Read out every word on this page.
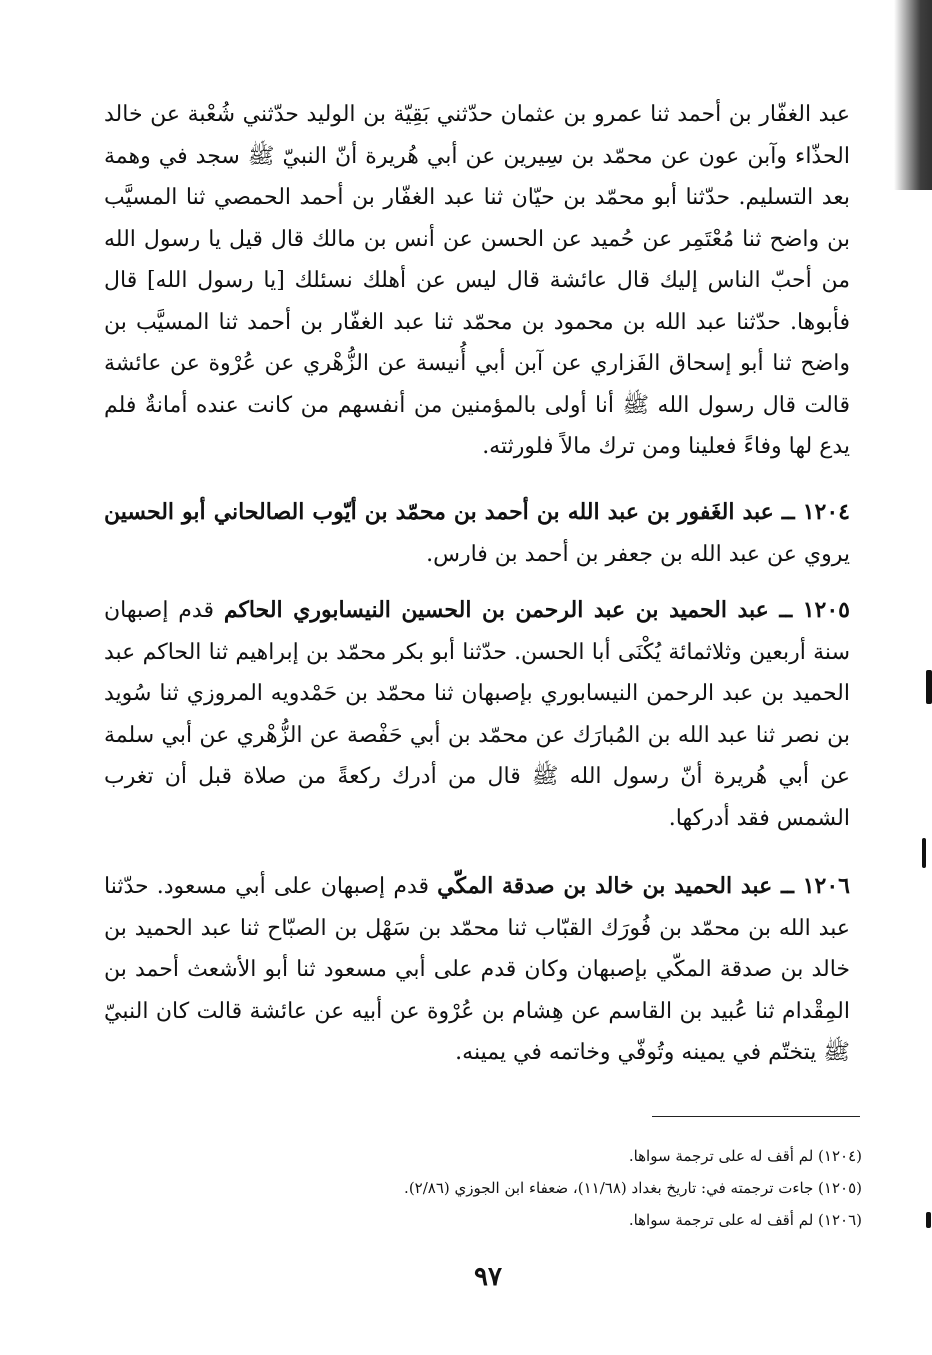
عبد الغفّار بن أحمد ثنا عمرو بن عثمان حدّثني بَقِيّة بن الوليد حدّثني شُعْبة عن خالد الحذّاء وآبن عون عن محمّد بن سِيرين عن أبي هُريرة أنّ النبيّ ﷺ سجد في وهمة بعد التسليم. حدّثنا أبو محمّد بن حيّان ثنا عبد الغفّار بن أحمد الحمصي ثنا المسيَّب بن واضح ثنا مُعْتَمِر عن حُميد عن الحسن عن أنس بن مالك قال قيل يا رسول الله من أحبّ الناس إليك قال عائشة قال ليس عن أهلك نسئلك [يا رسول الله] قال فأبوها. حدّثنا عبد الله بن محمود بن محمّد ثنا عبد الغفّار بن أحمد ثنا المسيَّب بن واضح ثنا أبو إسحاق الفَزاري عن آبن أبي أُنيسة عن الزُّهْري عن عُرْوة عن عائشة قالت قال رسول الله ﷺ أنا أولى بالمؤمنين من أنفسهم من كانت عنده أمانةٌ فلم يدع لها وفاءً فعلينا ومن ترك مالاً فلورثته.
١٢٠٤ ــ عبد الغَفور بن عبد الله بن أحمد بن محمّد بن أيّوب الصالحاني أبو الحسين يروي عن عبد الله بن جعفر بن أحمد بن فارس.
١٢٠٥ ــ عبد الحميد بن عبد الرحمن بن الحسين النيسابوري الحاكم قدم إصبهان سنة أربعين وثلاثمائة يُكْنَى أبا الحسن. حدّثنا أبو بكر محمّد بن إبراهيم ثنا الحاكم عبد الحميد بن عبد الرحمن النيسابوري بإصبهان ثنا محمّد بن حَمْدويه المروزي ثنا سُويد بن نصر ثنا عبد الله بن المُبارَك عن محمّد بن أبي حَفْصة عن الزُّهْري عن أبي سلمة عن أبي هُريرة أنّ رسول الله ﷺ قال من أدرك ركعةً من صلاة قبل أن تغرب الشمس فقد أدركها.
١٢٠٦ ــ عبد الحميد بن خالد بن صدقة المكّي قدم إصبهان على أبي مسعود. حدّثنا عبد الله بن محمّد بن فُورَك القبّاب ثنا محمّد بن سَهْل بن الصبّاح ثنا عبد الحميد بن خالد بن صدقة المكّي بإصبهان وكان قدم على أبي مسعود ثنا أبو الأشعث أحمد بن المِقْدام ثنا عُبيد بن القاسم عن هِشام بن عُرْوة عن أبيه عن عائشة قالت كان النبيّ ﷺ يتختّم في يمينه وتُوفّي وخاتمه في يمينه.
(١٢٠٤) لم أقف له على ترجمة سواها.
(١٢٠٥) جاءت ترجمته في: تاريخ بغداد (١١/٦٨)، ضعفاء ابن الجوزي (٢/٨٦).
(١٢٠٦) لم أقف له على ترجمة سواها.
٩٧
